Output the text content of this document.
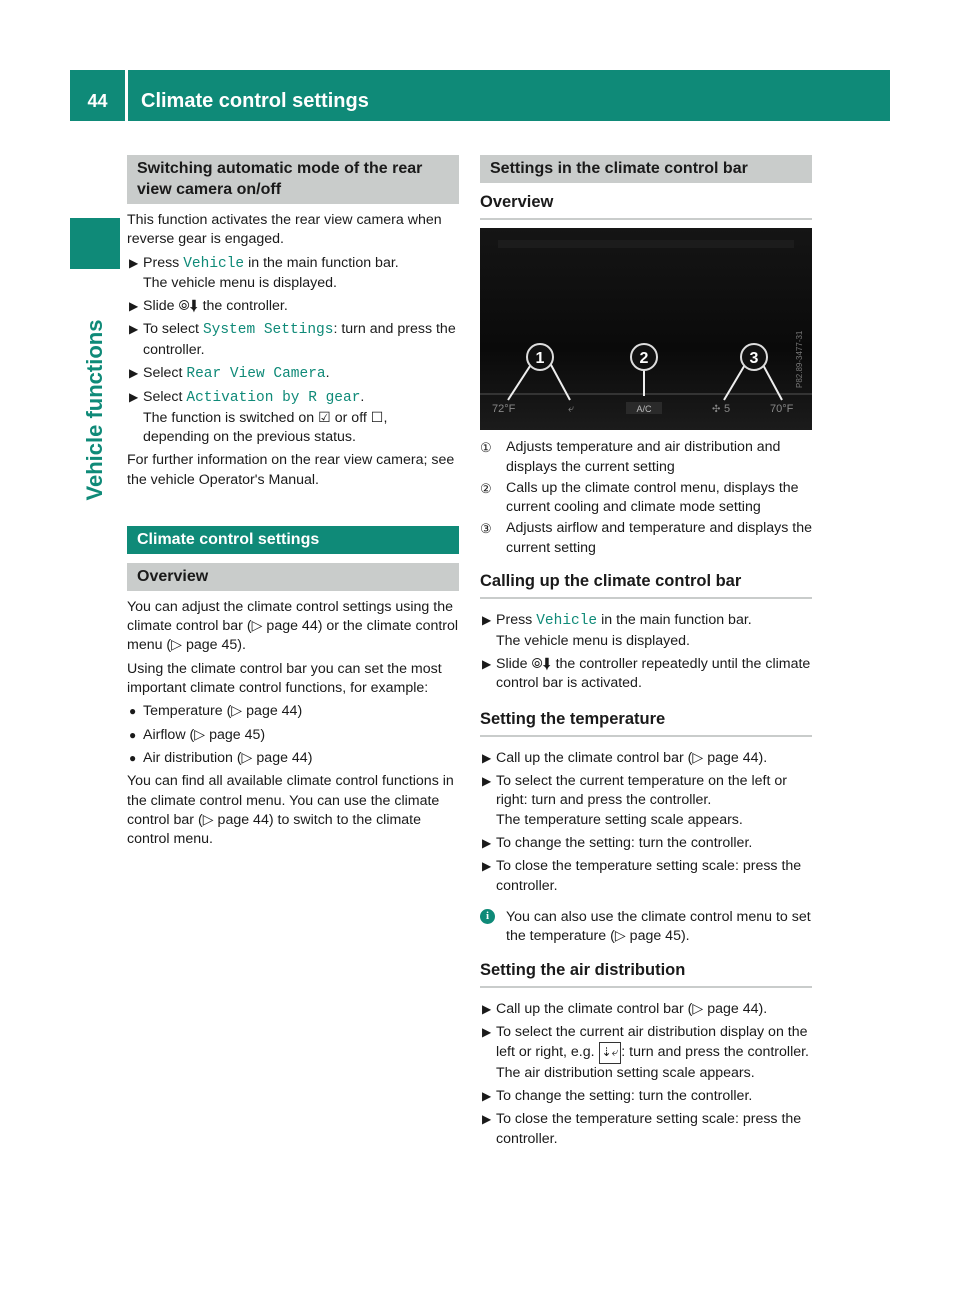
44	Climate control settings
Vehicle functions
Switching automatic mode of the rear view camera on/off

This function activates the rear view camera when reverse gear is engaged.

▶ Press Vehicle in the main function bar.
The vehicle menu is displayed.
▶ Slide ⦾⬇ the controller.
▶ To select System Settings: turn and press the controller.
▶ Select Rear View Camera.
▶ Select Activation by R gear.
The function is switched on ☑ or off ☐,
depending on the previous status.

For further information on the rear view camera; see the vehicle Operator's Manual.

Climate control settings
Overview

You can adjust the climate control settings using the climate control bar (▷ page 44) or the climate control menu (▷ page 45).

Using the climate control bar you can set the most important climate control functions, for example:

● Temperature (▷ page 44)
● Airflow (▷ page 45)
● Air distribution (▷ page 44)

You can find all available climate control functions in the climate control menu. You can use the climate control bar (▷ page 44) to switch to the climate control menu.

Settings in the climate control bar
Overview
1	2	3
72°F	⤶	A/C	✣ 5	70°F
P82.89-3477-31
① Adjusts temperature and air distribution and displays the current setting
② Calls up the climate control menu, displays the current cooling and climate mode setting
③ Adjusts airflow and temperature and displays the current setting
Calling up the climate control bar
▶ Press Vehicle in the main function bar.
The vehicle menu is displayed.
▶ Slide ⦾⬇ the controller repeatedly until the climate control bar is activated.
Setting the temperature
▶ Call up the climate control bar (▷ page 44).
▶ To select the current temperature on the left or right: turn and press the controller.
The temperature setting scale appears.
▶ To change the setting: turn the controller.
▶ To close the temperature setting scale: press the controller.
i	You can also use the climate control menu to set the temperature (▷ page 45).
Setting the air distribution
▶ Call up the climate control bar (▷ page 44).
▶ To select the current air distribution display on the left or right, e.g. ⇣⤶ : turn and press the controller.
The air distribution setting scale appears.
▶ To change the setting: turn the controller.
▶ To close the temperature setting scale: press the controller.
